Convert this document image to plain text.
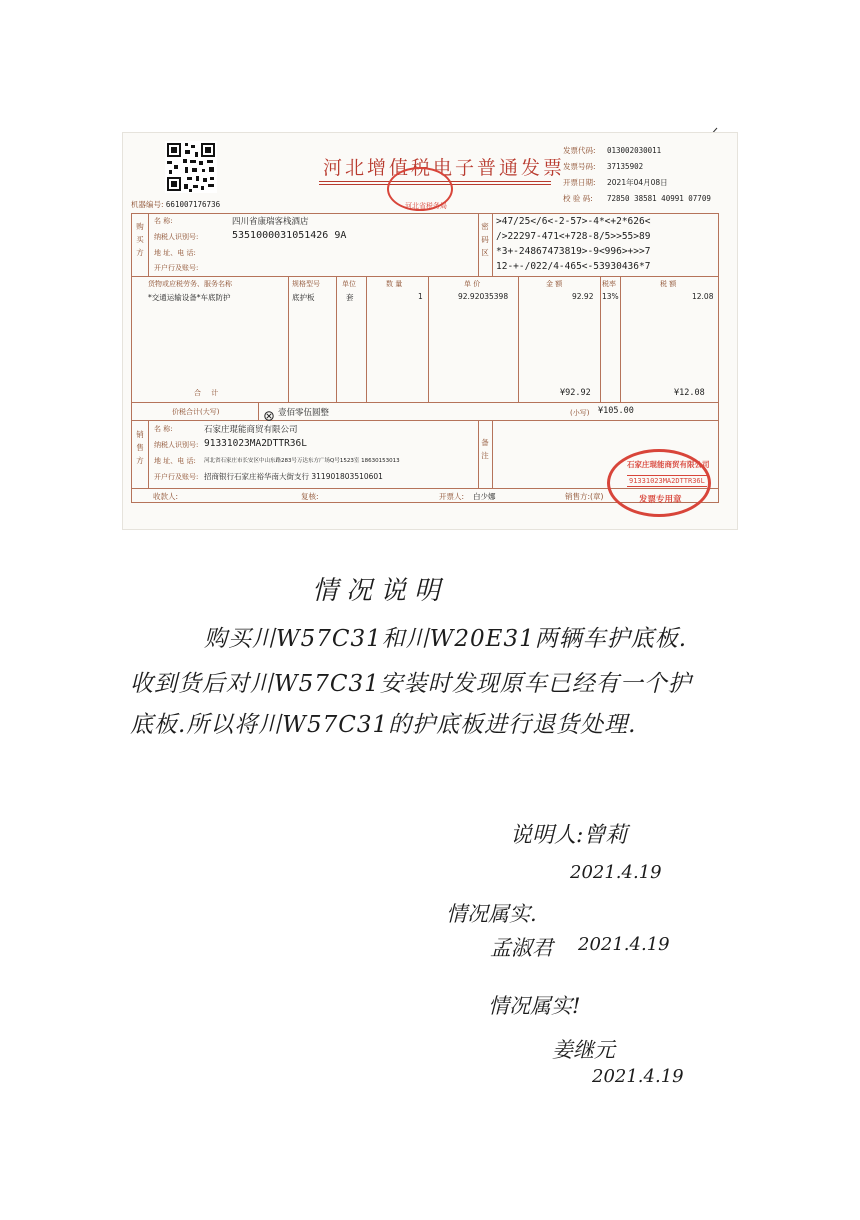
河北增值税电子普通发票
河北省税务局
发票代码: 013002030011
发票号码: 37135902
开票日期: 2021年04月08日
校 验 码: 72850 38581 40991 07709
机器编号: 661007176736
购买方
名 称:	四川省康瑞客栈酒店
纳税人识别号:	5351000031051426 9A
地 址、电 话:
开户行及账号:
密码区
>47/25</6<-2-57>-4*<+2*626<
/>22297-471<+728-8/5>>55>89
*3+-24867473819>-9<996>+>>7
12-+-/022/4-465<-53930436*7
货物或应税劳务、服务名称	规格型号	单位	数 量	单 价	金 额	税率	税 额
*交通运输设备*车底防护	底护板	套	1	92.92035398	92.92 13%	12.08
合 计	¥92.92	¥12.08
价税合计(大写)	壹佰零伍圆整	(小写) ¥105.00
销售方
名 称:	石家庄琨能商贸有限公司
纳税人识别号: 91331023MA2DTTR36L
地 址、电 话: 河北省石家庄市长安区中山东路283号万达东方广场Q号1523室 18630153013
开户行及账号: 招商银行石家庄裕华南大街支行 311901803510601
备注
石家庄琨能商贸有限公司
91331023MA2DTTR36L
发票专用章
收款人:	复核:	开票人: 白少娜	销售方:(章)
情况说明
购买川W57C31和川W20E31两辆车护底板.
收到货后对川W57C31安装时发现原车已经有一个护
底板.所以将川W57C31的护底板进行退货处理.
说明人:曾莉
2021.4.19
情况属实.
孟淑君 2021.4.19
情况属实!
姜继元
2021.4.19
